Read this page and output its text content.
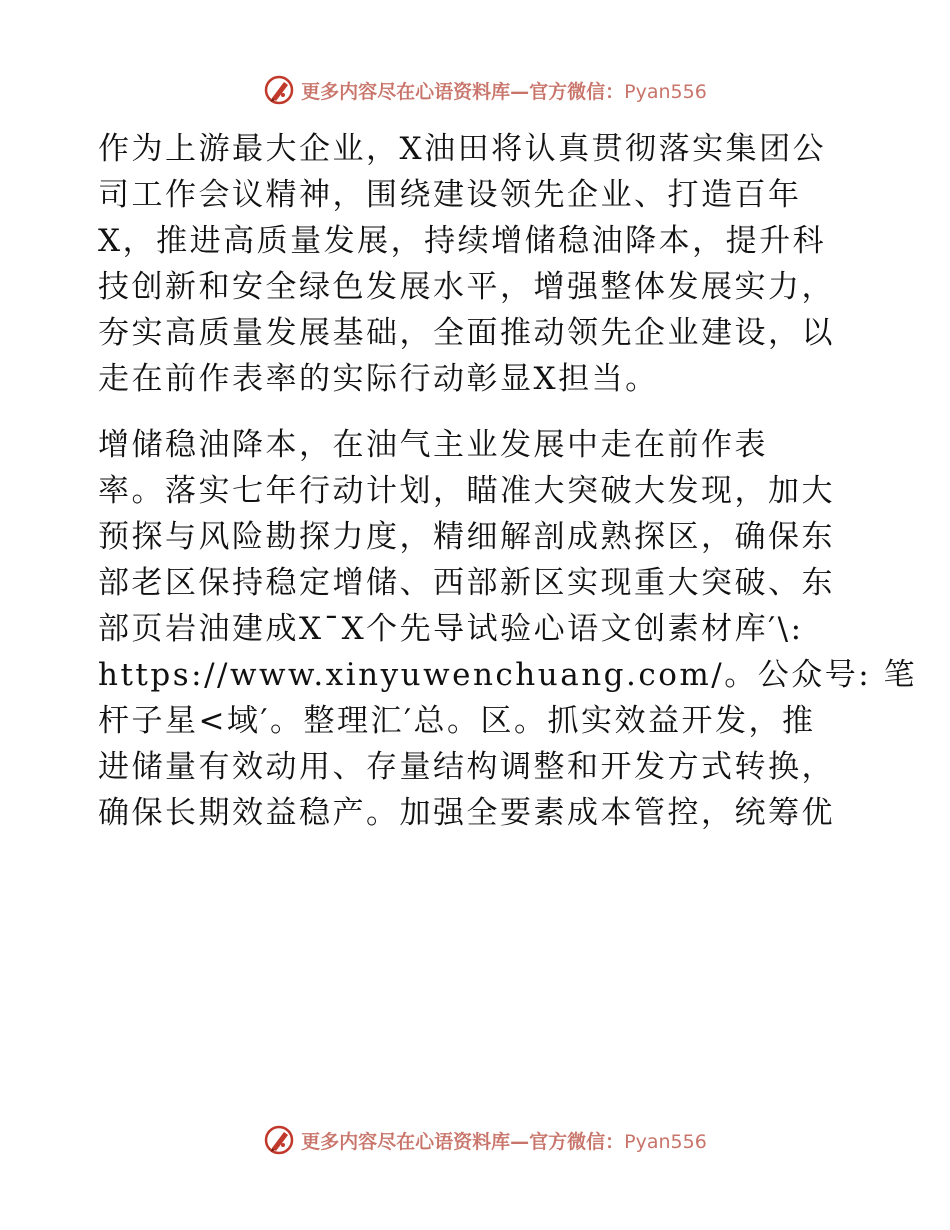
更多内容尽在心语资料库—官方微信：Pyan556

作为上游最大企业，X油田将认真贯彻落实集团公
司工作会议精神，围绕建设领先企业、打造百年
X，推进高质量发展，持续增储稳油降本，提升科
技创新和安全绿色发展水平，增强整体发展实力，
夯实高质量发展基础，全面推动领先企业建设，以
走在前作表率的实际行动彰显X担当。

增储稳油降本，在油气主业发展中走在前作表
率。落实七年行动计划，瞄准大突破大发现，加大
预探与风险勘探力度，精细解剖成熟探区，确保东
部老区保持稳定增储、西部新区实现重大突破、东
部页岩油建成X¯X个先导试验心语文创素材库′\:
https://www.xinyuwenchuang.com/。公众号: 笔
杆子星<域′。整理汇′总。区。抓实效益开发，推
进储量有效动用、存量结构调整和开发方式转换，
确保长期效益稳产。加强全要素成本管控，统筹优

更多内容尽在心语资料库—官方微信：Pyan556
